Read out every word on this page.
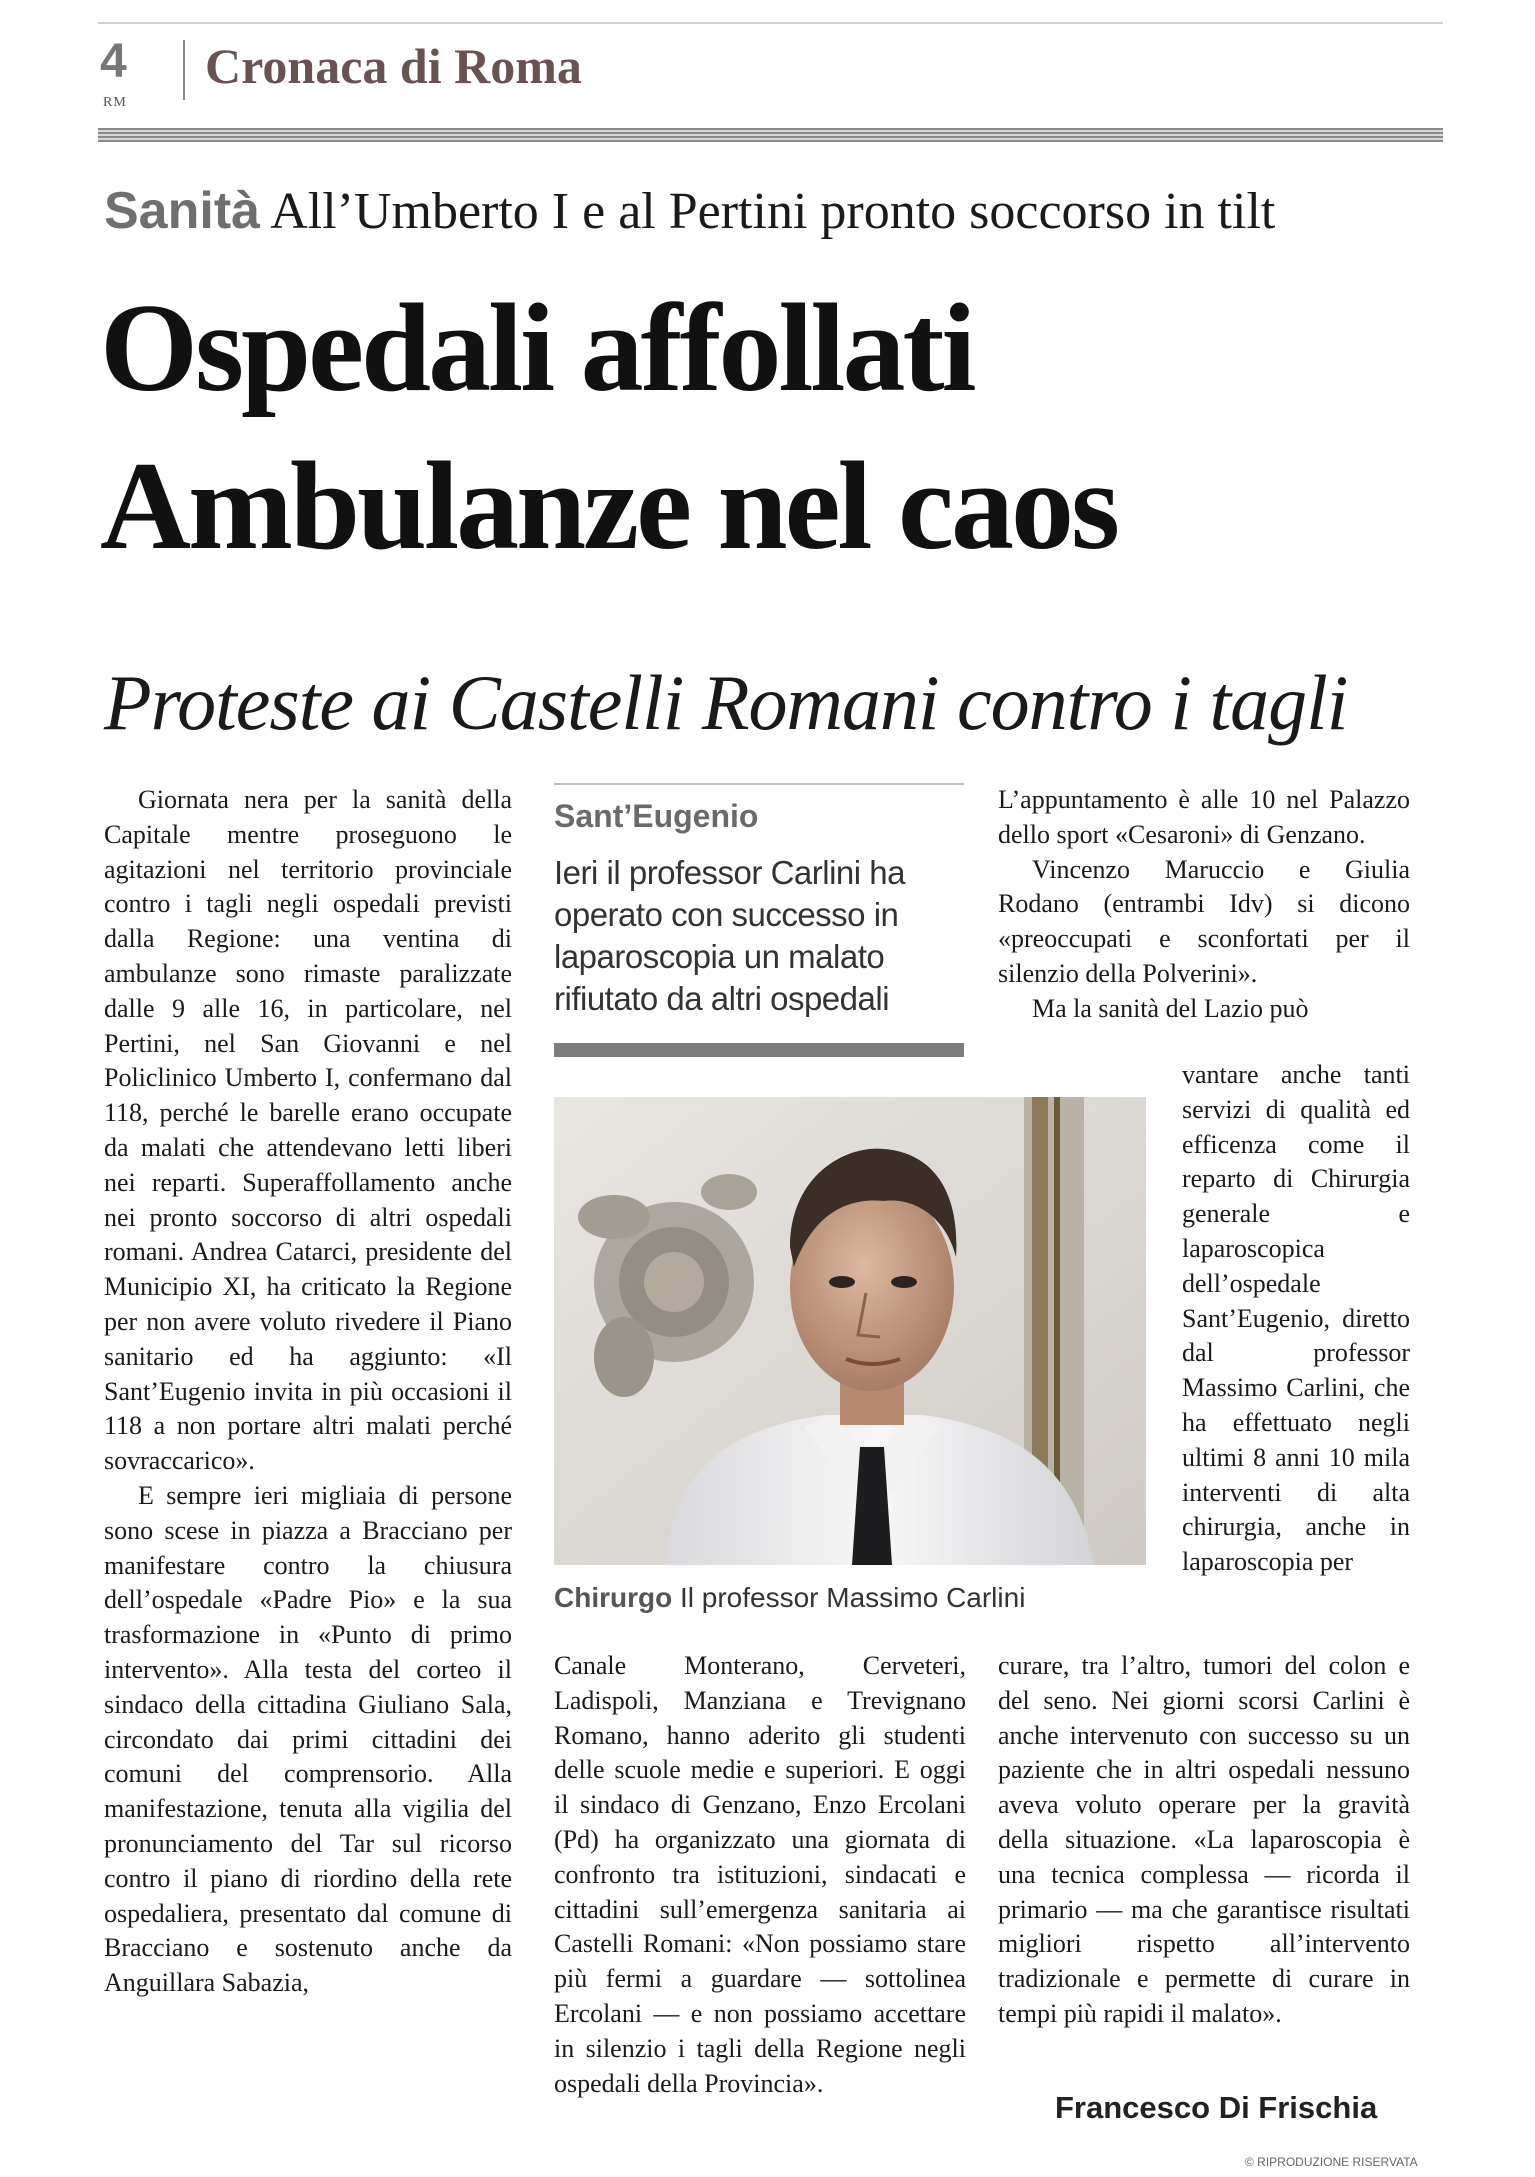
4
RM
Cronaca di Roma
Sanità All’Umberto I e al Pertini pronto soccorso in tilt
Ospedali affollati
Ambulanze nel caos
Proteste ai Castelli Romani contro i tagli

Giornata nera per la sanità della Capitale mentre proseguono le agitazioni nel territorio provinciale contro i tagli negli ospedali previsti dalla Regione: una ventina di ambulanze sono rimaste paralizzate dalle 9 alle 16, in particolare, nel Pertini, nel San Giovanni e nel Policlinico Umberto I, confermano dal 118, perché le barelle erano occupate da malati che attendevano letti liberi nei reparti. Superaffollamento anche nei pronto soccorso di altri ospedali romani. Andrea Catarci, presidente del Municipio XI, ha criticato la Regione per non avere voluto rivedere il Piano sanitario ed ha aggiunto: «Il Sant’Eugenio invita in più occasioni il 118 a non portare altri malati perché sovraccarico».

E sempre ieri migliaia di persone sono scese in piazza a Bracciano per manifestare contro la chiusura dell’ospedale «Padre Pio» e la sua trasformazione in «Punto di primo intervento». Alla testa del corteo il sindaco della cittadina Giuliano Sala, circondato dai primi cittadini dei comuni del comprensorio. Alla manifestazione, tenuta alla vigilia del pronunciamento del Tar sul ricorso contro il piano di riordino della rete ospedaliera, presentato dal comune di Bracciano e sostenuto anche da Anguillara Sabazia,

Sant’Eugenio
Ieri il professor Carlini ha operato con successo in laparoscopia un malato rifiutato da altri ospedali
Chirurgo Il professor Massimo Carlini

Canale Monterano, Cerveteri, Ladispoli, Manziana e Trevignano Romano, hanno aderito gli studenti delle scuole medie e superiori. E oggi il sindaco di Genzano, Enzo Ercolani (Pd) ha organizzato una giornata di confronto tra istituzioni, sindacati e cittadini sull’emergenza sanitaria ai Castelli Romani: «Non possiamo stare più fermi a guardare — sottolinea Ercolani — e non possiamo accettare in silenzio i tagli della Regione negli ospedali della Provincia».

L’appuntamento è alle 10 nel Palazzo dello sport «Cesaroni» di Genzano.

Vincenzo Maruccio e Giulia Rodano (entrambi Idv) si dicono «preoccupati e sconfortati per il silenzio della Polverini».

Ma la sanità del Lazio può

vantare anche tanti servizi di qualità ed efficenza come il reparto di Chirurgia generale e laparoscopica dell’ospedale Sant’Eugenio, diretto dal professor Massimo Carlini, che ha effettuato negli ultimi 8 anni 10 mila interventi di alta chirurgia, anche in laparoscopia per

curare, tra l’altro, tumori del colon e del seno. Nei giorni scorsi Carlini è anche intervenuto con successo su un paziente che in altri ospedali nessuno aveva voluto operare per la gravità della situazione. «La laparoscopia è una tecnica complessa — ricorda il primario — ma che garantisce risultati migliori rispetto all’intervento tradizionale e permette di curare in tempi più rapidi il malato».

Francesco Di Frischia
© RIPRODUZIONE RISERVATA
